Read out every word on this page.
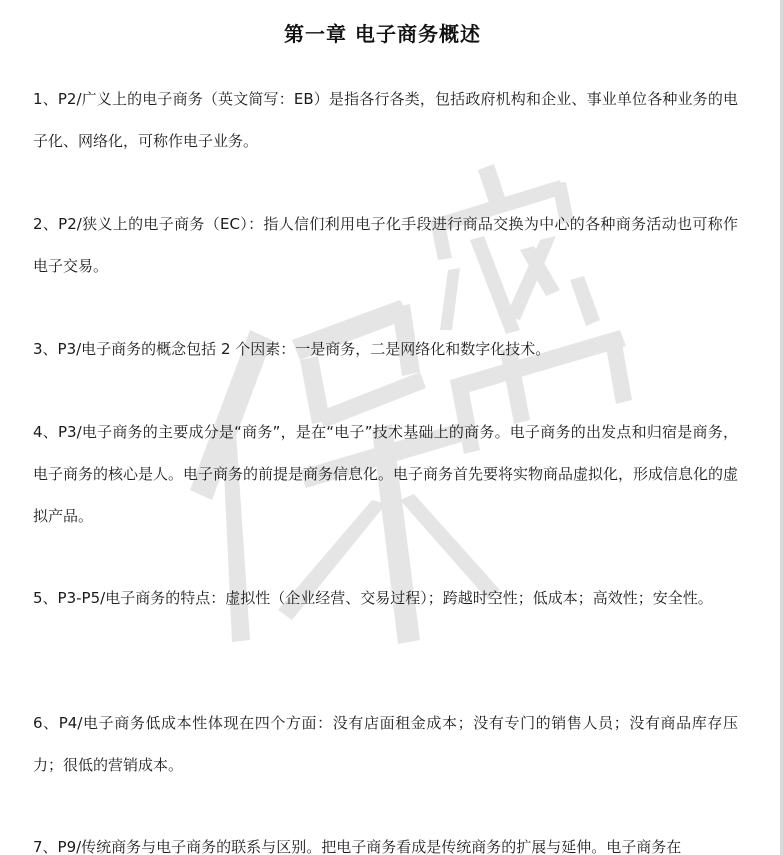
第一章 电子商务概述
1、P2/广义上的电子商务（英文简写：EB）是指各行各类，包括政府机构和企业、事业单位各种业务的电子化、网络化，可称作电子业务。
2、P2/狭义上的电子商务（EC）：指人信们利用电子化手段进行商品交换为中心的各种商务活动也可称作电子交易。
3、P3/电子商务的概念包括 2 个因素：一是商务，二是网络化和数字化技术。
4、P3/电子商务的主要成分是“商务”，是在“电子”技术基础上的商务。电子商务的出发点和归宿是商务，电子商务的核心是人。电子商务的前提是商务信息化。电子商务首先要将实物商品虚拟化，形成信息化的虚拟产品。
5、P3-P5/电子商务的特点：虚拟性（企业经营、交易过程）；跨越时空性；低成本；高效性；安全性。
6、P4/电子商务低成本性体现在四个方面：没有店面租金成本；没有专门的销售人员；没有商品库存压力；很低的营销成本。
7、P9/传统商务与电子商务的联系与区别。把电子商务看成是传统商务的扩展与延伸。电子商务在
